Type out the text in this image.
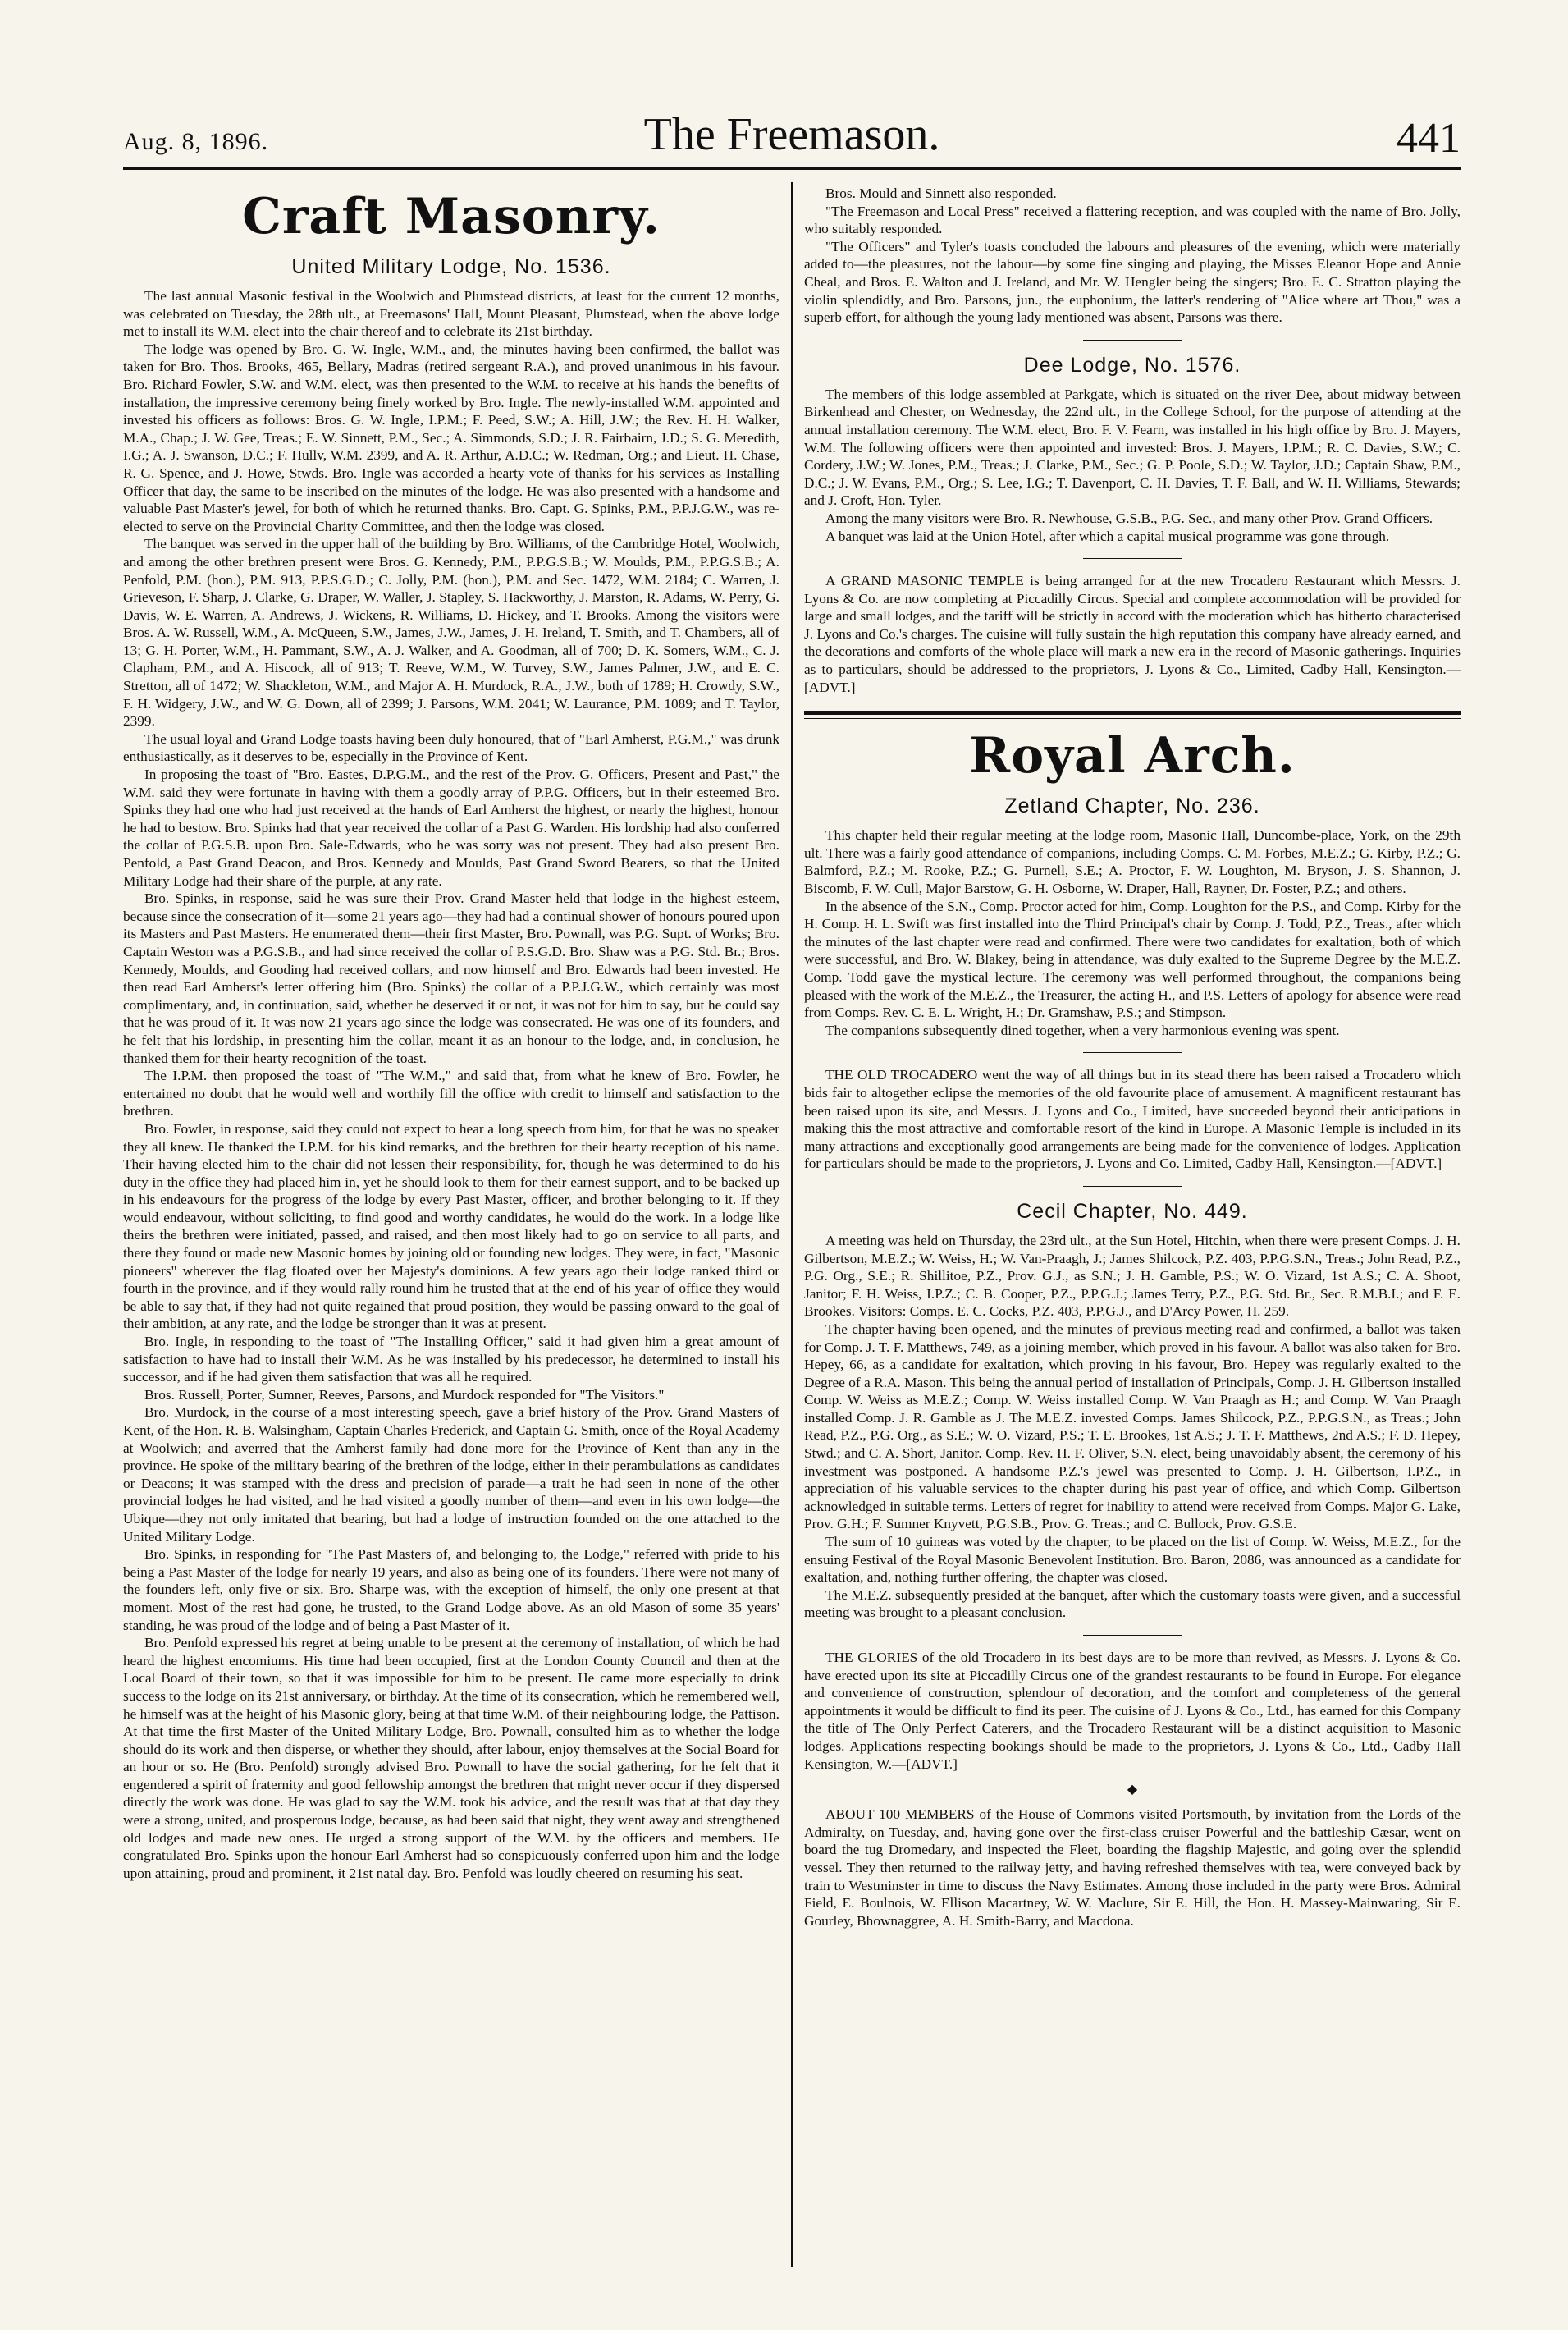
Aug. 8, 1896.	The Freemason.	441
Craft Masonry.
United Military Lodge, No. 1536.

The last annual Masonic festival in the Woolwich and Plumstead districts, at least for the current 12 months, was celebrated on Tuesday, the 28th ult., at Freemasons' Hall, Mount Pleasant, Plumstead, when the above lodge met to install its W.M. elect into the chair thereof and to celebrate its 21st birthday.

The lodge was opened by Bro. G. W. Ingle, W.M., and, the minutes having been confirmed, the ballot was taken for Bro. Thos. Brooks, 465, Bellary, Madras (retired sergeant R.A.), and proved unanimous in his favour. Bro. Richard Fowler, S.W. and W.M. elect, was then presented to the W.M. to receive at his hands the benefits of installation, the impressive ceremony being finely worked by Bro. Ingle. The newly-installed W.M. appointed and invested his officers as follows: Bros. G. W. Ingle, I.P.M.; F. Peed, S.W.; A. Hill, J.W.; the Rev. H. H. Walker, M.A., Chap.; J. W. Gee, Treas.; E. W. Sinnett, P.M., Sec.; A. Simmonds, S.D.; J. R. Fairbairn, J.D.; S. G. Meredith, I.G.; A. J. Swanson, D.C.; F. Hullv, W.M. 2399, and A. R. Arthur, A.D.C.; W. Redman, Org.; and Lieut. H. Chase, R. G. Spence, and J. Howe, Stwds. Bro. Ingle was accorded a hearty vote of thanks for his services as Installing Officer that day, the same to be inscribed on the minutes of the lodge. He was also presented with a handsome and valuable Past Master's jewel, for both of which he returned thanks. Bro. Capt. G. Spinks, P.M., P.P.J.G.W., was re-elected to serve on the Provincial Charity Committee, and then the lodge was closed.

The banquet was served in the upper hall of the building by Bro. Williams, of the Cambridge Hotel, Woolwich, and among the other brethren present were Bros. G. Kennedy, P.M., P.P.G.S.B.; W. Moulds, P.M., P.P.G.S.B.; A. Penfold, P.M. (hon.), P.M. 913, P.P.S.G.D.; C. Jolly, P.M. (hon.), P.M. and Sec. 1472, W.M. 2184; C. Warren, J. Grieveson, F. Sharp, J. Clarke, G. Draper, W. Waller, J. Stapley, S. Hackworthy, J. Marston, R. Adams, W. Perry, G. Davis, W. E. Warren, A. Andrews, J. Wickens, R. Williams, D. Hickey, and T. Brooks. Among the visitors were Bros. A. W. Russell, W.M., A. McQueen, S.W., James, J.W., James, J. H. Ireland, T. Smith, and T. Chambers, all of 13; G. H. Porter, W.M., H. Pammant, S.W., A. J. Walker, and A. Goodman, all of 700; D. K. Somers, W.M., C. J. Clapham, P.M., and A. Hiscock, all of 913; T. Reeve, W.M., W. Turvey, S.W., James Palmer, J.W., and E. C. Stretton, all of 1472; W. Shackleton, W.M., and Major A. H. Murdock, R.A., J.W., both of 1789; H. Crowdy, S.W., F. H. Widgery, J.W., and W. G. Down, all of 2399; J. Parsons, W.M. 2041; W. Laurance, P.M. 1089; and T. Taylor, 2399.

The usual loyal and Grand Lodge toasts having been duly honoured, that of "Earl Amherst, P.G.M.," was drunk enthusiastically, as it deserves to be, especially in the Province of Kent.

In proposing the toast of "Bro. Eastes, D.P.G.M., and the rest of the Prov. G. Officers, Present and Past," the W.M. said they were fortunate in having with them a goodly array of P.P.G. Officers, but in their esteemed Bro. Spinks they had one who had just received at the hands of Earl Amherst the highest, or nearly the highest, honour he had to bestow. Bro. Spinks had that year received the collar of a Past G. Warden. His lordship had also conferred the collar of P.G.S.B. upon Bro. Sale-Edwards, who he was sorry was not present. They had also present Bro. Penfold, a Past Grand Deacon, and Bros. Kennedy and Moulds, Past Grand Sword Bearers, so that the United Military Lodge had their share of the purple, at any rate.

Bro. Spinks, in response, said he was sure their Prov. Grand Master held that lodge in the highest esteem, because since the consecration of it—some 21 years ago—they had had a continual shower of honours poured upon its Masters and Past Masters. He enumerated them—their first Master, Bro. Pownall, was P.G. Supt. of Works; Bro. Captain Weston was a P.G.S.B., and had since received the collar of P.S.G.D. Bro. Shaw was a P.G. Std. Br.; Bros. Kennedy, Moulds, and Gooding had received collars, and now himself and Bro. Edwards had been invested. He then read Earl Amherst's letter offering him (Bro. Spinks) the collar of a P.P.J.G.W., which certainly was most complimentary, and, in continuation, said, whether he deserved it or not, it was not for him to say, but he could say that he was proud of it. It was now 21 years ago since the lodge was consecrated. He was one of its founders, and he felt that his lordship, in presenting him the collar, meant it as an honour to the lodge, and, in conclusion, he thanked them for their hearty recognition of the toast.

The I.P.M. then proposed the toast of "The W.M.," and said that, from what he knew of Bro. Fowler, he entertained no doubt that he would well and worthily fill the office with credit to himself and satisfaction to the brethren.

Bro. Fowler, in response, said they could not expect to hear a long speech from him, for that he was no speaker they all knew. He thanked the I.P.M. for his kind remarks, and the brethren for their hearty reception of his name. Their having elected him to the chair did not lessen their responsibility, for, though he was determined to do his duty in the office they had placed him in, yet he should look to them for their earnest support, and to be backed up in his endeavours for the progress of the lodge by every Past Master, officer, and brother belonging to it. If they would endeavour, without soliciting, to find good and worthy candidates, he would do the work. In a lodge like theirs the brethren were initiated, passed, and raised, and then most likely had to go on service to all parts, and there they found or made new Masonic homes by joining old or founding new lodges. They were, in fact, "Masonic pioneers" wherever the flag floated over her Majesty's dominions. A few years ago their lodge ranked third or fourth in the province, and if they would rally round him he trusted that at the end of his year of office they would be able to say that, if they had not quite regained that proud position, they would be passing onward to the goal of their ambition, at any rate, and the lodge be stronger than it was at present.

Bro. Ingle, in responding to the toast of "The Installing Officer," said it had given him a great amount of satisfaction to have had to install their W.M. As he was installed by his predecessor, he determined to install his successor, and if he had given them satisfaction that was all he required.

Bros. Russell, Porter, Sumner, Reeves, Parsons, and Murdock responded for "The Visitors."

Bro. Murdock, in the course of a most interesting speech, gave a brief history of the Prov. Grand Masters of Kent, of the Hon. R. B. Walsingham, Captain Charles Frederick, and Captain G. Smith, once of the Royal Academy at Woolwich; and averred that the Amherst family had done more for the Province of Kent than any in the province. He spoke of the military bearing of the brethren of the lodge, either in their perambulations as candidates or Deacons; it was stamped with the dress and precision of parade—a trait he had seen in none of the other provincial lodges he had visited, and he had visited a goodly number of them—and even in his own lodge—the Ubique—they not only imitated that bearing, but had a lodge of instruction founded on the one attached to the United Military Lodge.

Bro. Spinks, in responding for "The Past Masters of, and belonging to, the Lodge," referred with pride to his being a Past Master of the lodge for nearly 19 years, and also as being one of its founders. There were not many of the founders left, only five or six. Bro. Sharpe was, with the exception of himself, the only one present at that moment. Most of the rest had gone, he trusted, to the Grand Lodge above. As an old Mason of some 35 years' standing, he was proud of the lodge and of being a Past Master of it.

Bro. Penfold expressed his regret at being unable to be present at the ceremony of installation, of which he had heard the highest encomiums. His time had been occupied, first at the London County Council and then at the Local Board of their town, so that it was impossible for him to be present. He came more especially to drink success to the lodge on its 21st anniversary, or birthday. At the time of its consecration, which he remembered well, he himself was at the height of his Masonic glory, being at that time W.M. of their neighbouring lodge, the Pattison. At that time the first Master of the United Military Lodge, Bro. Pownall, consulted him as to whether the lodge should do its work and then disperse, or whether they should, after labour, enjoy themselves at the Social Board for an hour or so. He (Bro. Penfold) strongly advised Bro. Pownall to have the social gathering, for he felt that it engendered a spirit of fraternity and good fellowship amongst the brethren that might never occur if they dispersed directly the work was done. He was glad to say the W.M. took his advice, and the result was that at that day they were a strong, united, and prosperous lodge, because, as had been said that night, they went away and strengthened old lodges and made new ones. He urged a strong support of the W.M. by the officers and members. He congratulated Bro. Spinks upon the honour Earl Amherst had so conspicuously conferred upon him and the lodge upon attaining, proud and prominent, it 21st natal day. Bro. Penfold was loudly cheered on resuming his seat.

Bros. Mould and Sinnett also responded.

"The Freemason and Local Press" received a flattering reception, and was coupled with the name of Bro. Jolly, who suitably responded.

"The Officers" and Tyler's toasts concluded the labours and pleasures of the evening, which were materially added to—the pleasures, not the labour—by some fine singing and playing, the Misses Eleanor Hope and Annie Cheal, and Bros. E. Walton and J. Ireland, and Mr. W. Hengler being the singers; Bro. E. C. Stratton playing the violin splendidly, and Bro. Parsons, jun., the euphonium, the latter's rendering of "Alice where art Thou," was a superb effort, for although the young lady mentioned was absent, Parsons was there.

Dee Lodge, No. 1576.

The members of this lodge assembled at Parkgate, which is situated on the river Dee, about midway between Birkenhead and Chester, on Wednesday, the 22nd ult., in the College School, for the purpose of attending at the annual installation ceremony. The W.M. elect, Bro. F. V. Fearn, was installed in his high office by Bro. J. Mayers, W.M. The following officers were then appointed and invested: Bros. J. Mayers, I.P.M.; R. C. Davies, S.W.; C. Cordery, J.W.; W. Jones, P.M., Treas.; J. Clarke, P.M., Sec.; G. P. Poole, S.D.; W. Taylor, J.D.; Captain Shaw, P.M., D.C.; J. W. Evans, P.M., Org.; S. Lee, I.G.; T. Davenport, C. H. Davies, T. F. Ball, and W. H. Williams, Stewards; and J. Croft, Hon. Tyler.

Among the many visitors were Bro. R. Newhouse, G.S.B., P.G. Sec., and many other Prov. Grand Officers.

A banquet was laid at the Union Hotel, after which a capital musical programme was gone through.

A GRAND MASONIC TEMPLE is being arranged for at the new Trocadero Restaurant which Messrs. J. Lyons & Co. are now completing at Piccadilly Circus. Special and complete accommodation will be provided for large and small lodges, and the tariff will be strictly in accord with the moderation which has hitherto characterised J. Lyons and Co.'s charges. The cuisine will fully sustain the high reputation this company have already earned, and the decorations and comforts of the whole place will mark a new era in the record of Masonic gatherings. Inquiries as to particulars, should be addressed to the proprietors, J. Lyons & Co., Limited, Cadby Hall, Kensington.—[ADVT.]

Royal Arch.
Zetland Chapter, No. 236.

This chapter held their regular meeting at the lodge room, Masonic Hall, Duncombe-place, York, on the 29th ult. There was a fairly good attendance of companions, including Comps. C. M. Forbes, M.E.Z.; G. Kirby, P.Z.; G. Balmford, P.Z.; M. Rooke, P.Z.; G. Purnell, S.E.; A. Proctor, F. W. Loughton, M. Bryson, J. S. Shannon, J. Biscomb, F. W. Cull, Major Barstow, G. H. Osborne, W. Draper, Hall, Rayner, Dr. Foster, P.Z.; and others.

In the absence of the S.N., Comp. Proctor acted for him, Comp. Loughton for the P.S., and Comp. Kirby for the H. Comp. H. L. Swift was first installed into the Third Principal's chair by Comp. J. Todd, P.Z., Treas., after which the minutes of the last chapter were read and confirmed. There were two candidates for exaltation, both of which were successful, and Bro. W. Blakey, being in attendance, was duly exalted to the Supreme Degree by the M.E.Z. Comp. Todd gave the mystical lecture. The ceremony was well performed throughout, the companions being pleased with the work of the M.E.Z., the Treasurer, the acting H., and P.S. Letters of apology for absence were read from Comps. Rev. C. E. L. Wright, H.; Dr. Gramshaw, P.S.; and Stimpson.

The companions subsequently dined together, when a very harmonious evening was spent.

THE OLD TROCADERO went the way of all things but in its stead there has been raised a Trocadero which bids fair to altogether eclipse the memories of the old favourite place of amusement. A magnificent restaurant has been raised upon its site, and Messrs. J. Lyons and Co., Limited, have succeeded beyond their anticipations in making this the most attractive and comfortable resort of the kind in Europe. A Masonic Temple is included in its many attractions and exceptionally good arrangements are being made for the convenience of lodges. Application for particulars should be made to the proprietors, J. Lyons and Co. Limited, Cadby Hall, Kensington.—[ADVT.]

Cecil Chapter, No. 449.

A meeting was held on Thursday, the 23rd ult., at the Sun Hotel, Hitchin, when there were present Comps. J. H. Gilbertson, M.E.Z.; W. Weiss, H.; W. Van-Praagh, J.; James Shilcock, P.Z. 403, P.P.G.S.N., Treas.; John Read, P.Z., P.G. Org., S.E.; R. Shillitoe, P.Z., Prov. G.J., as S.N.; J. H. Gamble, P.S.; W. O. Vizard, 1st A.S.; C. A. Shoot, Janitor; F. H. Weiss, I.P.Z.; C. B. Cooper, P.Z., P.P.G.J.; James Terry, P.Z., P.G. Std. Br., Sec. R.M.B.I.; and F. E. Brookes. Visitors: Comps. E. C. Cocks, P.Z. 403, P.P.G.J., and D'Arcy Power, H. 259.

The chapter having been opened, and the minutes of previous meeting read and confirmed, a ballot was taken for Comp. J. T. F. Matthews, 749, as a joining member, which proved in his favour. A ballot was also taken for Bro. Hepey, 66, as a candidate for exaltation, which proving in his favour, Bro. Hepey was regularly exalted to the Degree of a R.A. Mason. This being the annual period of installation of Principals, Comp. J. H. Gilbertson installed Comp. W. Weiss as M.E.Z.; Comp. W. Weiss installed Comp. W. Van Praagh as H.; and Comp. W. Van Praagh installed Comp. J. R. Gamble as J. The M.E.Z. invested Comps. James Shilcock, P.Z., P.P.G.S.N., as Treas.; John Read, P.Z., P.G. Org., as S.E.; W. O. Vizard, P.S.; T. E. Brookes, 1st A.S.; J. T. F. Matthews, 2nd A.S.; F. D. Hepey, Stwd.; and C. A. Short, Janitor. Comp. Rev. H. F. Oliver, S.N. elect, being unavoidably absent, the ceremony of his investment was postponed. A handsome P.Z.'s jewel was presented to Comp. J. H. Gilbertson, I.P.Z., in appreciation of his valuable services to the chapter during his past year of office, and which Comp. Gilbertson acknowledged in suitable terms. Letters of regret for inability to attend were received from Comps. Major G. Lake, Prov. G.H.; F. Sumner Knyvett, P.G.S.B., Prov. G. Treas.; and C. Bullock, Prov. G.S.E.

The sum of 10 guineas was voted by the chapter, to be placed on the list of Comp. W. Weiss, M.E.Z., for the ensuing Festival of the Royal Masonic Benevolent Institution. Bro. Baron, 2086, was announced as a candidate for exaltation, and, nothing further offering, the chapter was closed.

The M.E.Z. subsequently presided at the banquet, after which the customary toasts were given, and a successful meeting was brought to a pleasant conclusion.

THE GLORIES of the old Trocadero in its best days are to be more than revived, as Messrs. J. Lyons & Co. have erected upon its site at Piccadilly Circus one of the grandest restaurants to be found in Europe. For elegance and convenience of construction, splendour of decoration, and the comfort and completeness of the general appointments it would be difficult to find its peer. The cuisine of J. Lyons & Co., Ltd., has earned for this Company the title of The Only Perfect Caterers, and the Trocadero Restaurant will be a distinct acquisition to Masonic lodges. Applications respecting bookings should be made to the proprietors, J. Lyons & Co., Ltd., Cadby Hall Kensington, W.—[ADVT.]

◆

ABOUT 100 MEMBERS of the House of Commons visited Portsmouth, by invitation from the Lords of the Admiralty, on Tuesday, and, having gone over the first-class cruiser Powerful and the battleship Cæsar, went on board the tug Dromedary, and inspected the Fleet, boarding the flagship Majestic, and going over the splendid vessel. They then returned to the railway jetty, and having refreshed themselves with tea, were conveyed back by train to Westminster in time to discuss the Navy Estimates. Among those included in the party were Bros. Admiral Field, E. Boulnois, W. Ellison Macartney, W. W. Maclure, Sir E. Hill, the Hon. H. Massey-Mainwaring, Sir E. Gourley, Bhownaggree, A. H. Smith-Barry, and Macdona.
